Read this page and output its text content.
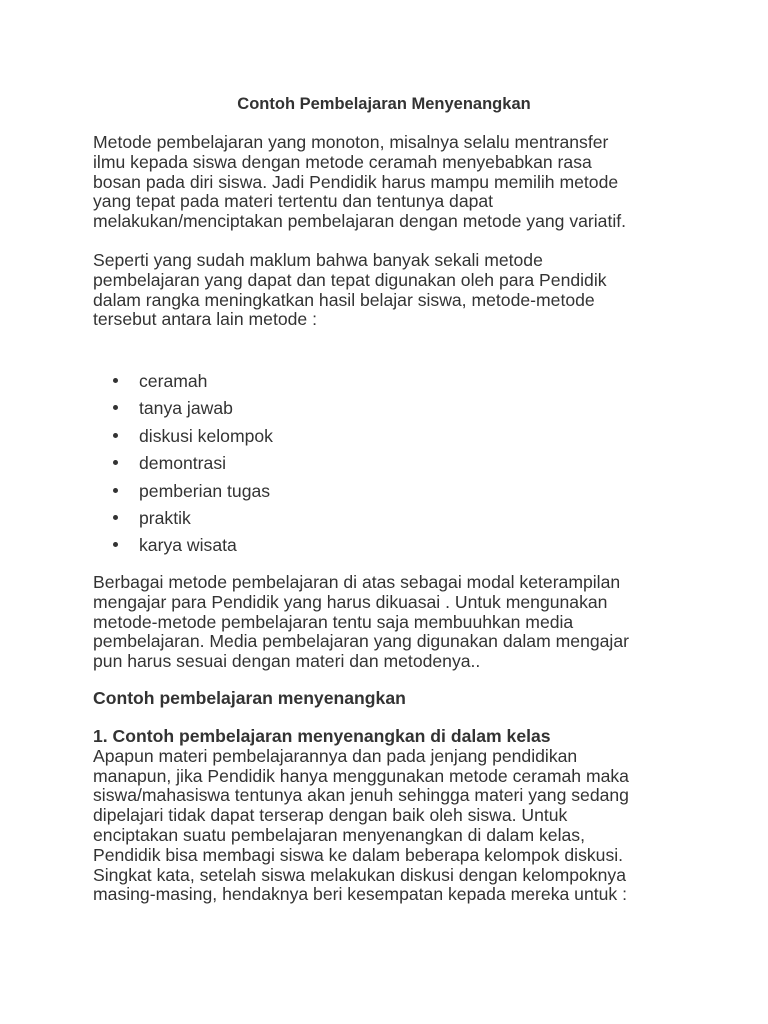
Contoh Pembelajaran Menyenangkan
Metode pembelajaran yang monoton, misalnya selalu mentransfer
ilmu kepada siswa dengan metode ceramah menyebabkan rasa
bosan pada diri siswa. Jadi Pendidik harus mampu memilih metode
yang tepat pada materi tertentu dan tentunya dapat
melakukan/menciptakan pembelajaran dengan metode yang variatif.
Seperti yang sudah maklum bahwa banyak sekali metode
pembelajaran yang dapat dan tepat digunakan oleh para Pendidik
dalam rangka meningkatkan hasil belajar siswa, metode-metode
tersebut antara lain metode :
ceramah
tanya jawab
diskusi kelompok
demontrasi
pemberian tugas
praktik
karya wisata
Berbagai metode pembelajaran di atas sebagai modal keterampilan
mengajar para Pendidik yang harus dikuasai . Untuk mengunakan
metode-metode pembelajaran tentu saja membuuhkan media
pembelajaran. Media pembelajaran yang digunakan dalam mengajar
pun harus sesuai dengan materi dan metodenya..
Contoh pembelajaran menyenangkan
1. Contoh pembelajaran menyenangkan di dalam kelas
Apapun materi pembelajarannya dan pada jenjang pendidikan
manapun, jika Pendidik hanya menggunakan metode ceramah maka
siswa/mahasiswa tentunya akan jenuh sehingga materi yang sedang
dipelajari tidak dapat terserap dengan baik oleh siswa. Untuk
enciptakan suatu pembelajaran menyenangkan di dalam kelas,
Pendidik bisa membagi siswa ke dalam beberapa kelompok diskusi.
Singkat kata, setelah siswa melakukan diskusi dengan kelompoknya
masing-masing, hendaknya beri kesempatan kepada mereka untuk :
